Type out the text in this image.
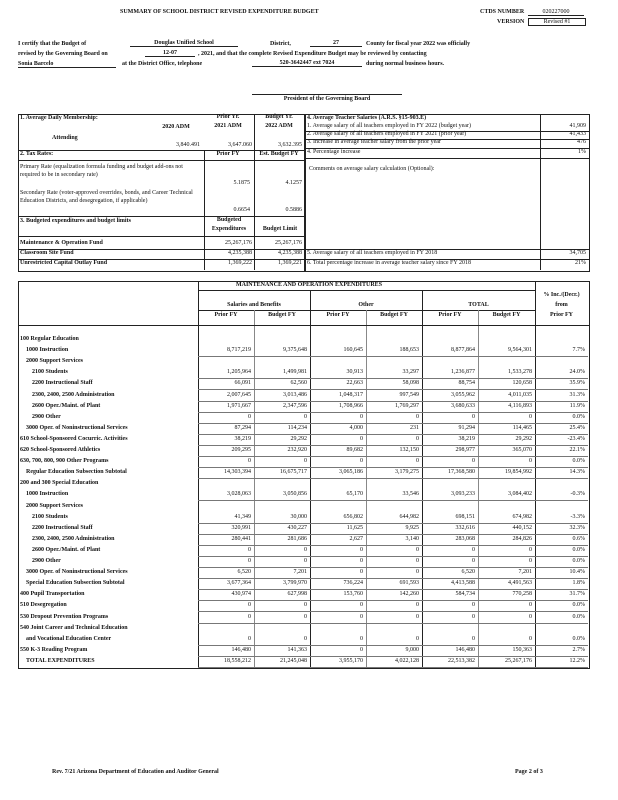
SUMMARY OF SCHOOL DISTRICT REVISED EXPENDITURE BUDGET	CTDS NUMBER	020227000
VERSION	Revised #1
I certify that the Budget of	Douglas Unified School	District,	27	County for fiscal year 2022 was officially
revised by the Governing Board on	12-07	, 2021, and that the complete Revised Expenditure Budget may be reviewed by contacting
Sonia Barcelo	at the District Office, telephone	520-3642447 ext 7024	during normal business hours.
President of the Governing Board
1. Average Daily Membership:
2020 ADM
Prior Yr.
2021 ADM
Budget Yr.
2022 ADM
Attending
3,840.491	3,647.060	3,632.395
2. Tax Rates:	Prior FY	Est. Budget FY
Primary Rate (equalization formula funding and budget add-ons not required to be in secondary rate)
5.1875	4.1257
Secondary Rate (voter-approved overrides, bonds, and Career Technical Education Districts, and desegregation, if applicable)
0.6654	0.5886
3. Budgeted expenditures and budget limits	Budgeted
Expenditures	Budget Limit
Maintenance & Operation Fund	25,267,176	25,267,176
Classroom Site Fund	4,235,388	4,235,388
Unrestricted Capital Outlay Fund	1,369,222	1,369,221
4. Average Teacher Salaries (A.R.S. §15-903.E)
1. Average salary of all teachers employed in FY 2022 (budget year)	41,909
2. Average salary of all teachers employed in FY 2021 (prior year)	41,433
3. Increase in average teacher salary from the prior year	476
4. Percentage increase	1%
Comments on average salary calculation (Optional):
5. Average salary of all teachers employed in FY 2018	34,705
6. Total percentage increase in average teacher salary since FY 2018	21%
MAINTENANCE AND OPERATION EXPENDITURES
Salaries and Benefits	Other	TOTAL
% Inc./(Decr.)
from
Prior FY
Prior FY	Budget FY	Prior FY	Budget FY	Prior FY	Budget FY
100 Regular Education
1000 Instruction	8,717,219	9,375,648	160,645	188,653	8,877,864	9,564,301	7.7%
2000 Support Services
2100 Students	1,205,964	1,499,981	30,913	33,297	1,236,877	1,533,278	24.0%
2200 Instructional Staff	66,091	62,560	22,663	58,098	88,754	120,658	35.9%
2300, 2400, 2500 Administration	2,007,645	3,013,486	1,048,317	997,549	3,055,962	4,011,035	31.3%
2600 Oper./Maint. of Plant	1,971,667	2,347,596	1,708,966	1,769,297	3,680,633	4,116,893	11.9%
2900 Other	0	0	0	0	0	0	0.0%
3000 Oper. of Noninstructional Services	87,294	114,234	4,000	231	91,294	114,465	25.4%
610 School-Sponsored Cocurric. Activities	38,219	29,292	0	0	38,219	29,292	-23.4%
620 School-Sponsored Athletics	209,295	232,920	89,682	132,150	298,977	365,070	22.1%
630, 700, 800, 900 Other Programs	0	0	0	0	0	0	0.0%
Regular Education Subsection Subtotal	14,303,394	16,675,717	3,065,186	3,179,275	17,368,580	19,854,992	14.3%
200 and 300 Special Education
1000 Instruction	3,028,063	3,050,856	65,170	33,546	3,093,233	3,084,402	-0.3%
2000 Support Services
2100 Students	41,349	30,000	656,802	644,982	698,151	674,982	-3.3%
2200 Instructional Staff	320,991	430,227	11,625	9,925	332,616	440,152	32.3%
2300, 2400, 2500 Administration	280,441	281,686	2,627	3,140	283,068	284,826	0.6%
2600 Oper./Maint. of Plant	0	0	0	0	0	0	0.0%
2900 Other	0	0	0	0	0	0	0.0%
3000 Oper. of Noninstructional Services	6,520	7,201	0	0	6,520	7,201	10.4%
Special Education Subsection Subtotal	3,677,364	3,799,970	736,224	691,593	4,413,588	4,491,563	1.8%
400 Pupil Transportation	430,974	627,998	153,760	142,260	584,734	770,258	31.7%
510 Desegregation	0	0	0	0	0	0	0.0%
530 Dropout Prevention Programs	0	0	0	0	0	0	0.0%
540 Joint Career and Technical Education
and Vocational Education Center	0	0	0	0	0	0	0.0%
550 K-3 Reading Program	146,480	141,363	0	9,000	146,480	150,363	2.7%
TOTAL EXPENDITURES	18,558,212	21,245,048	3,955,170	4,022,128	22,513,382	25,267,176	12.2%
Rev. 7/21 Arizona Department of Education and Auditor General	Page 2 of 3
